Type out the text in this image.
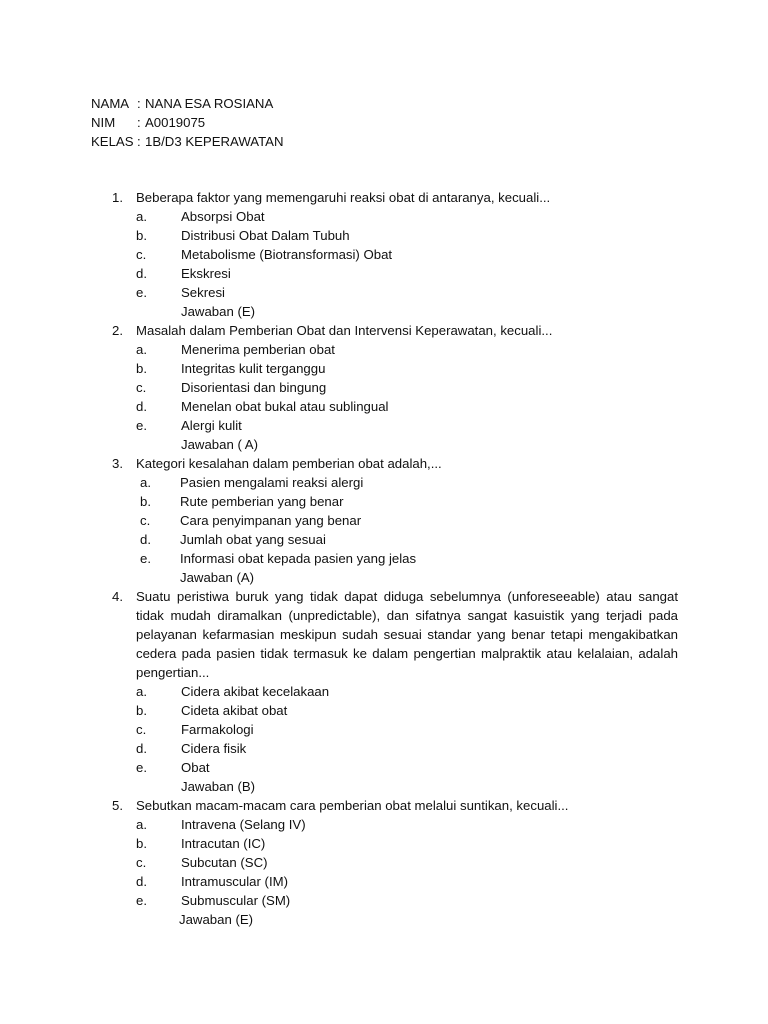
NAMA : NANA ESA ROSIANA
NIM : A0019075
KELAS : 1B/D3 KEPERAWATAN
1. Beberapa faktor yang memengaruhi reaksi obat di antaranya, kecuali...
a.	Absorpsi Obat
b.	Distribusi Obat Dalam Tubuh
c.	Metabolisme (Biotransformasi) Obat
d.	Ekskresi
e.	Sekresi
Jawaban (E)
2. Masalah dalam Pemberian Obat dan Intervensi Keperawatan, kecuali...
a.	Menerima pemberian obat
b.	Integritas kulit terganggu
c.	Disorientasi dan bingung
d.	Menelan obat bukal atau sublingual
e.	Alergi kulit
Jawaban ( A)
3. Kategori kesalahan dalam pemberian obat adalah,...
a. Pasien mengalami reaksi alergi
b. Rute pemberian yang benar
c. Cara penyimpanan yang benar
d. Jumlah obat yang sesuai
e. Informasi obat kepada pasien yang jelas
Jawaban (A)
4. Suatu peristiwa buruk yang tidak dapat diduga sebelumnya (unforeseeable) atau sangat tidak mudah diramalkan (unpredictable), dan sifatnya sangat kasuistik yang terjadi pada pelayanan kefarmasian meskipun sudah sesuai standar yang benar tetapi mengakibatkan cedera pada pasien tidak termasuk ke dalam pengertian malpraktik atau kelalaian, adalah pengertian...
a.	Cidera akibat kecelakaan
b.	Cideta akibat obat
c.	Farmakologi
d.	Cidera fisik
e.	Obat
Jawaban (B)
5. Sebutkan macam-macam cara pemberian obat melalui suntikan, kecuali...
a.	Intravena (Selang IV)
b.	Intracutan (IC)
c.	Subcutan (SC)
d.	Intramuscular (IM)
e.	Submuscular (SM)
Jawaban (E)
